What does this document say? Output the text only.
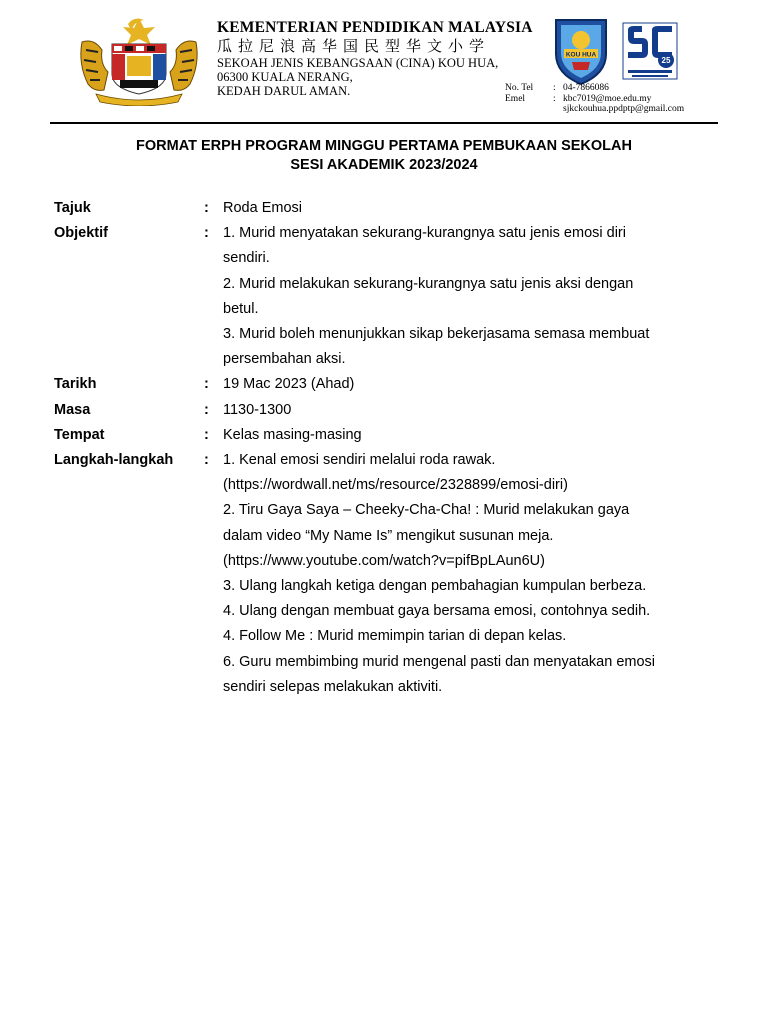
KEMENTERIAN PENDIDIKAN MALAYSIA

瓜拉尼浪高华国民型华文小学

SEKOAH JENIS KEBANGSAAN (CINA) KOU HUA,

06300 KUALA NERANG,

KEDAH DARUL AMAN.

KOU HUA
25
No. Tel	: 04-7866086
Emel	: kbc7019@moe.edu.my
sjkckouhua.ppdptp@gmail.com
FORMAT ERPH PROGRAM MINGGU PERTAMA PEMBUKAAN SEKOLAH
SESI AKADEMIK 2023/2024
Tajuk	: Roda Emosi

Objektif	: 1. Murid menyatakan sekurang-kurangnya satu jenis emosi diri sendiri.

2. Murid melakukan sekurang-kurangnya satu jenis aksi dengan betul.

3. Murid boleh menunjukkan sikap bekerjasama semasa membuat persembahan aksi.

Tarikh	: 19 Mac 2023 (Ahad)

Masa	: 1130-1300

Tempat	: Kelas masing-masing

Langkah-langkah	: 1. Kenal emosi sendiri melalui roda rawak. (https://wordwall.net/ms/resource/2328899/emosi-diri)

2. Tiru Gaya Saya – Cheeky-Cha-Cha! : Murid melakukan gaya dalam video “My Name Is” mengikut susunan meja. (https://www.youtube.com/watch?v=pifBpLAun6U)

3. Ulang langkah ketiga dengan pembahagian kumpulan berbeza.

4. Ulang dengan membuat gaya bersama emosi, contohnya sedih.

4. Follow Me : Murid memimpin tarian di depan kelas.

6. Guru membimbing murid mengenal pasti dan menyatakan emosi sendiri selepas melakukan aktiviti.
